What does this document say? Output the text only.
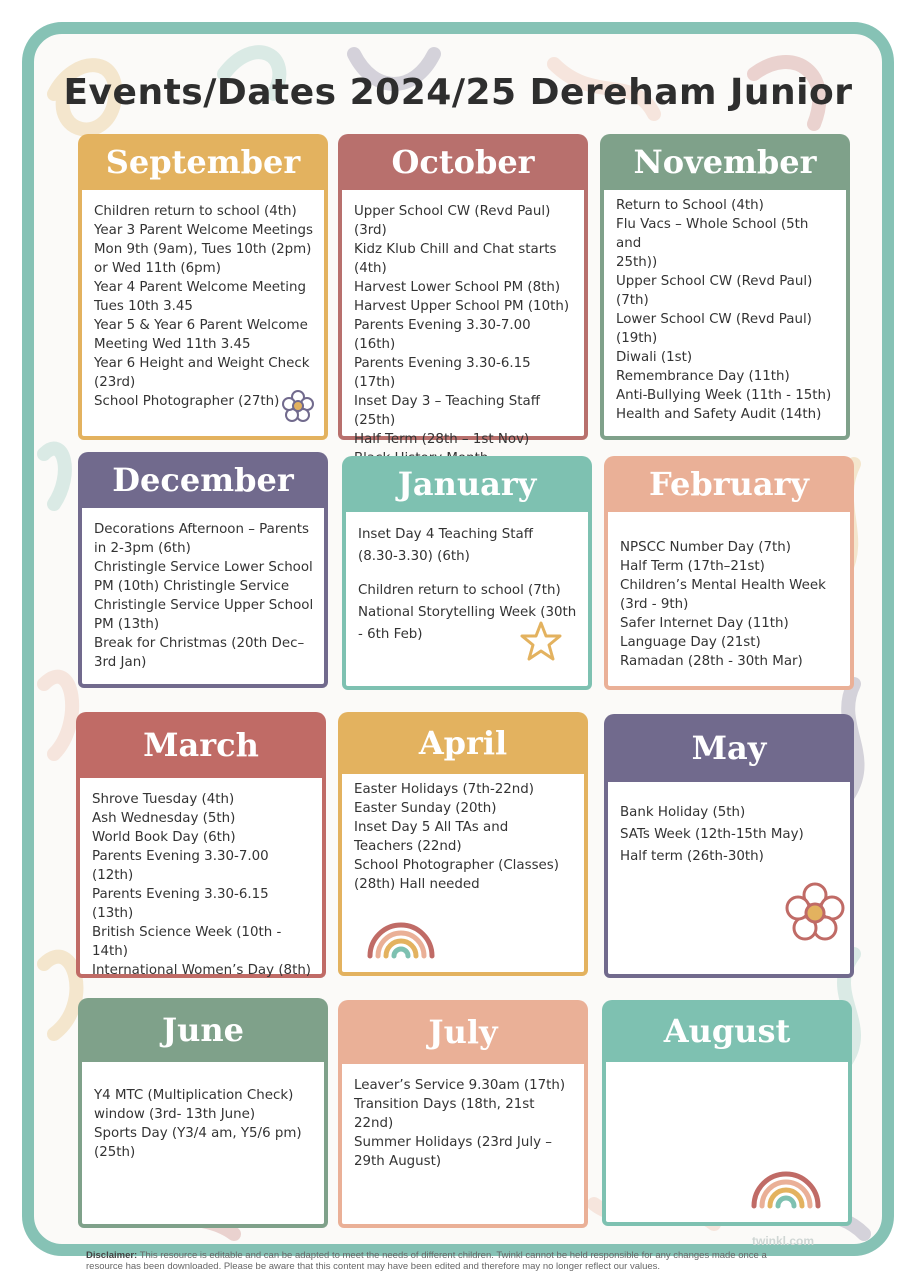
Events/Dates 2024/25 Dereham Junior
September
Children return to school (4th)
Year 3 Parent Welcome Meetings
Mon 9th (9am), Tues 10th (2pm)
or Wed 11th (6pm)
Year 4 Parent Welcome Meeting
Tues 10th 3.45
Year 5 & Year 6 Parent Welcome
Meeting Wed 11th 3.45
Year 6 Height and Weight Check
(23rd)
School Photographer (27th)
October
Upper School CW (Revd Paul)
(3rd)
Kidz Klub Chill and Chat starts
(4th)
Harvest Lower School PM (8th)
Harvest Upper School PM (10th)
Parents Evening 3.30-7.00 (16th)
Parents Evening 3.30-6.15 (17th)
Inset Day 3 – Teaching Staff
(25th)
Half Term (28th – 1st Nov)
November
Return to School (4th)
Flu Vacs – Whole School (5th and
25th))
Upper School CW (Revd Paul)
(7th)
Lower School CW (Revd Paul)
(19th)
Diwali (1st)
Remembrance Day (11th)
Anti-Bullying Week (11th - 15th)
Health and Safety Audit (14th)
December
Decorations Afternoon – Parents
in 2-3pm (6th)
Christingle Service Lower School
PM (10th) Christingle Service
Christingle Service Upper School
PM (13th)
Break for Christmas (20th Dec–
3rd Jan)
January
Inset Day 4 Teaching Staff
(8.30-3.30) (6th)
Children return to school (7th)
National Storytelling Week (30th
- 6th Feb)
February
NPSCC Number Day (7th)
Half Term (17th–21st)
Children’s Mental Health Week
(3rd - 9th)
Safer Internet Day (11th)
Language Day (21st)
Ramadan (28th - 30th Mar)
March
Shrove Tuesday (4th)
Ash Wednesday (5th)
World Book Day (6th)
Parents Evening 3.30-7.00 (12th)
Parents Evening 3.30-6.15 (13th)
British Science Week (10th - 14th)
International Women’s Day (8th)
April
Easter Holidays (7th-22nd)
Easter Sunday (20th)
Inset Day 5 All TAs and
Teachers (22nd)
School Photographer (Classes)
(28th) Hall needed
May
Bank Holiday (5th)
SATs Week (12th-15th May)
Half term (26th-30th)
June
Y4 MTC (Multiplication Check)
window (3rd- 13th June)
Sports Day (Y3/4 am, Y5/6 pm)
(25th)
July
Leaver’s Service 9.30am (17th)
Transition Days (18th, 21st 22nd)
Summer Holidays (23rd July –
29th August)
August
twinkl.com
Disclaimer: This resource is editable and can be adapted to meet the needs of different children. Twinkl cannot be held responsible for any changes made once a resource has been downloaded. Please be aware that this content may have been edited and therefore may no longer reflect our values.
